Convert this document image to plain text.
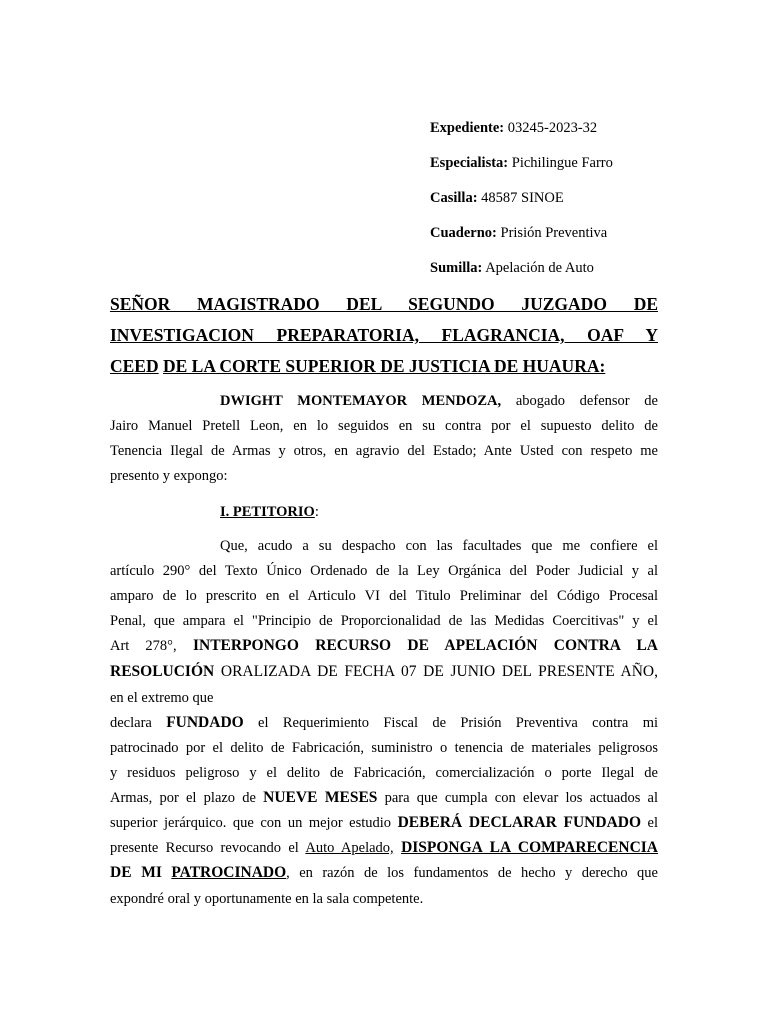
Expediente: 03245-2023-32
Especialista: Pichilingue Farro
Casilla: 48587 SINOE
Cuaderno: Prisión Preventiva
Sumilla: Apelación de Auto
SEÑOR MAGISTRADO DEL SEGUNDO JUZGADO DE
INVESTIGACION PREPARATORIA, FLAGRANCIA, OAF Y
CEED DE LA CORTE SUPERIOR DE JUSTICIA DE HUAURA:
DWIGHT MONTEMAYOR MENDOZA, abogado defensor de
Jairo Manuel Pretell Leon, en lo seguidos en su contra por el supuesto delito de
Tenencia Ilegal de Armas y otros, en agravio del Estado; Ante Usted con respeto me
presento y expongo:
I. PETITORIO:
Que, acudo a su despacho con las facultades que me confiere el
artículo 290° del Texto Único Ordenado de la Ley Orgánica del Poder Judicial y al
amparo de lo prescrito en el Articulo VI del Titulo Preliminar del Código Procesal
Penal, que ampara el "Principio de Proporcionalidad de las Medidas Coercitivas" y el
Art 278°, INTERPONGO RECURSO DE APELACIÓN CONTRA LA
RESOLUCIÓN ORALIZADA DE FECHA 07 DE JUNIO DEL PRESENTE AÑO,
en el extremo que
declara FUNDADO el Requerimiento Fiscal de Prisión Preventiva contra mi
patrocinado por el delito de Fabricación, suministro o tenencia de materiales peligrosos
y residuos peligroso y el delito de Fabricación, comercialización o porte Ilegal de
Armas, por el plazo de NUEVE MESES para que cumpla con elevar los actuados al
superior jerárquico. que con un mejor estudio DEBERÁ DECLARAR FUNDADO el
presente Recurso revocando el Auto Apelado, DISPONGA LA COMPARECENCIA
DE MI PATROCINADO, en razón de los fundamentos de hecho y derecho que
expondré oral y oportunamente en la sala competente.
